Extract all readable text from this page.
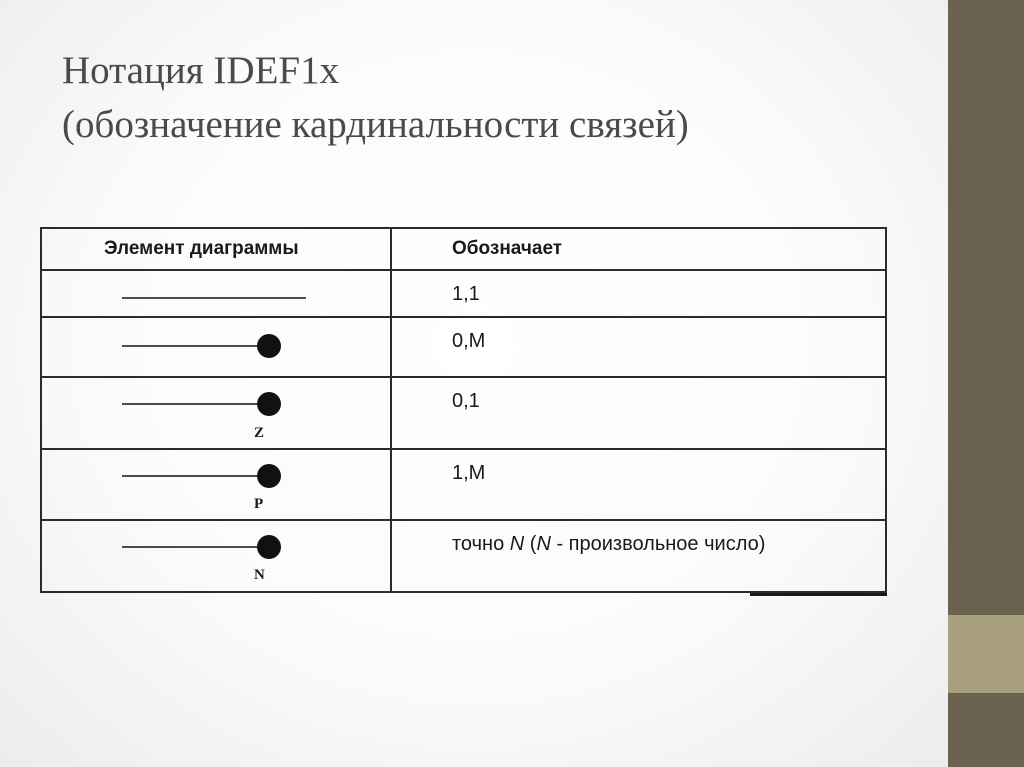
Нотация IDEF1x
(обозначение кардинальности связей)
Элемент диаграммы	Обозначает

	1,1

	0,M

Z	0,1

P	1,M

N	точно N (N - произвольное число)
